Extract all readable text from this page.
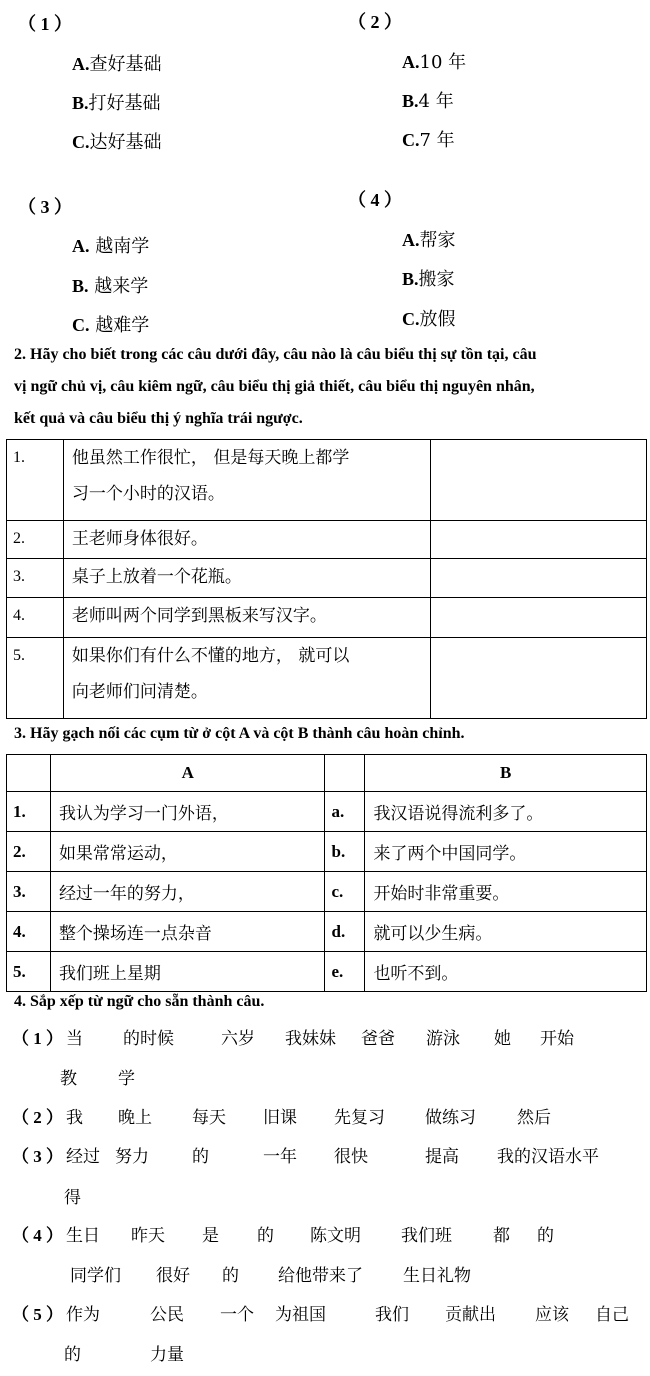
（ 1 ）
A.查好基础
B.打好基础
C.达好基础
（ 2 ）
A.10 年
B.4 年
C.7 年
（ 3 ）
A. 越南学
B. 越来学
C. 越难学
（ 4 ）
A.帮家
B.搬家
C.放假
2. Hãy cho biết trong các câu dưới đây, câu nào là câu biểu thị sự tồn tại, câu
vị ngữ chủ vị, câu kiêm ngữ, câu biểu thị giả thiết, câu biểu thị nguyên nhân,
kết quả và câu biểu thị ý nghĩa trái ngược.
1.	他虽然工作很忙， 但是每天晚上都学
习一个小时的汉语。	

2.	王老师身体很好。	
3.	桌子上放着一个花瓶。	
4.	老师叫两个同学到黑板来写汉字。	
5.	如果你们有什么不懂的地方， 就可以
向老师们问清楚。	

3. Hãy gạch nối các cụm từ ở cột A và cột B thành câu hoàn chỉnh.
	A		B
1.	我认为学习一门外语，	a.	我汉语说得流利多了。
2.	如果常常运动，	b.	来了两个中国同学。
3.	经过一年的努力，	c.	开始时非常重要。
4.	整个操场连一点杂音	d.	就可以少生病。
5.	我们班上星期	e.	也听不到。
4. Sắp xếp từ ngữ cho sẵn thành câu.
（ 1 ） 当 的时候	六岁 我妹妹 爸爸 游泳 她 开始
教 学
（ 2 ） 我 晚上 每天 旧课 先复习 做练习 然后
（ 3 ） 经过 努力	的	一年 很快	提高 我的汉语水平
得
（ 4 ） 生日 昨天 是 的 陈文明 我们班 都 的
同学们 很好 的 给他带来了 生日礼物
（ 5 ） 作为	公民 一个 为祖国	我们 贡献出 应该 自己
的	力量
